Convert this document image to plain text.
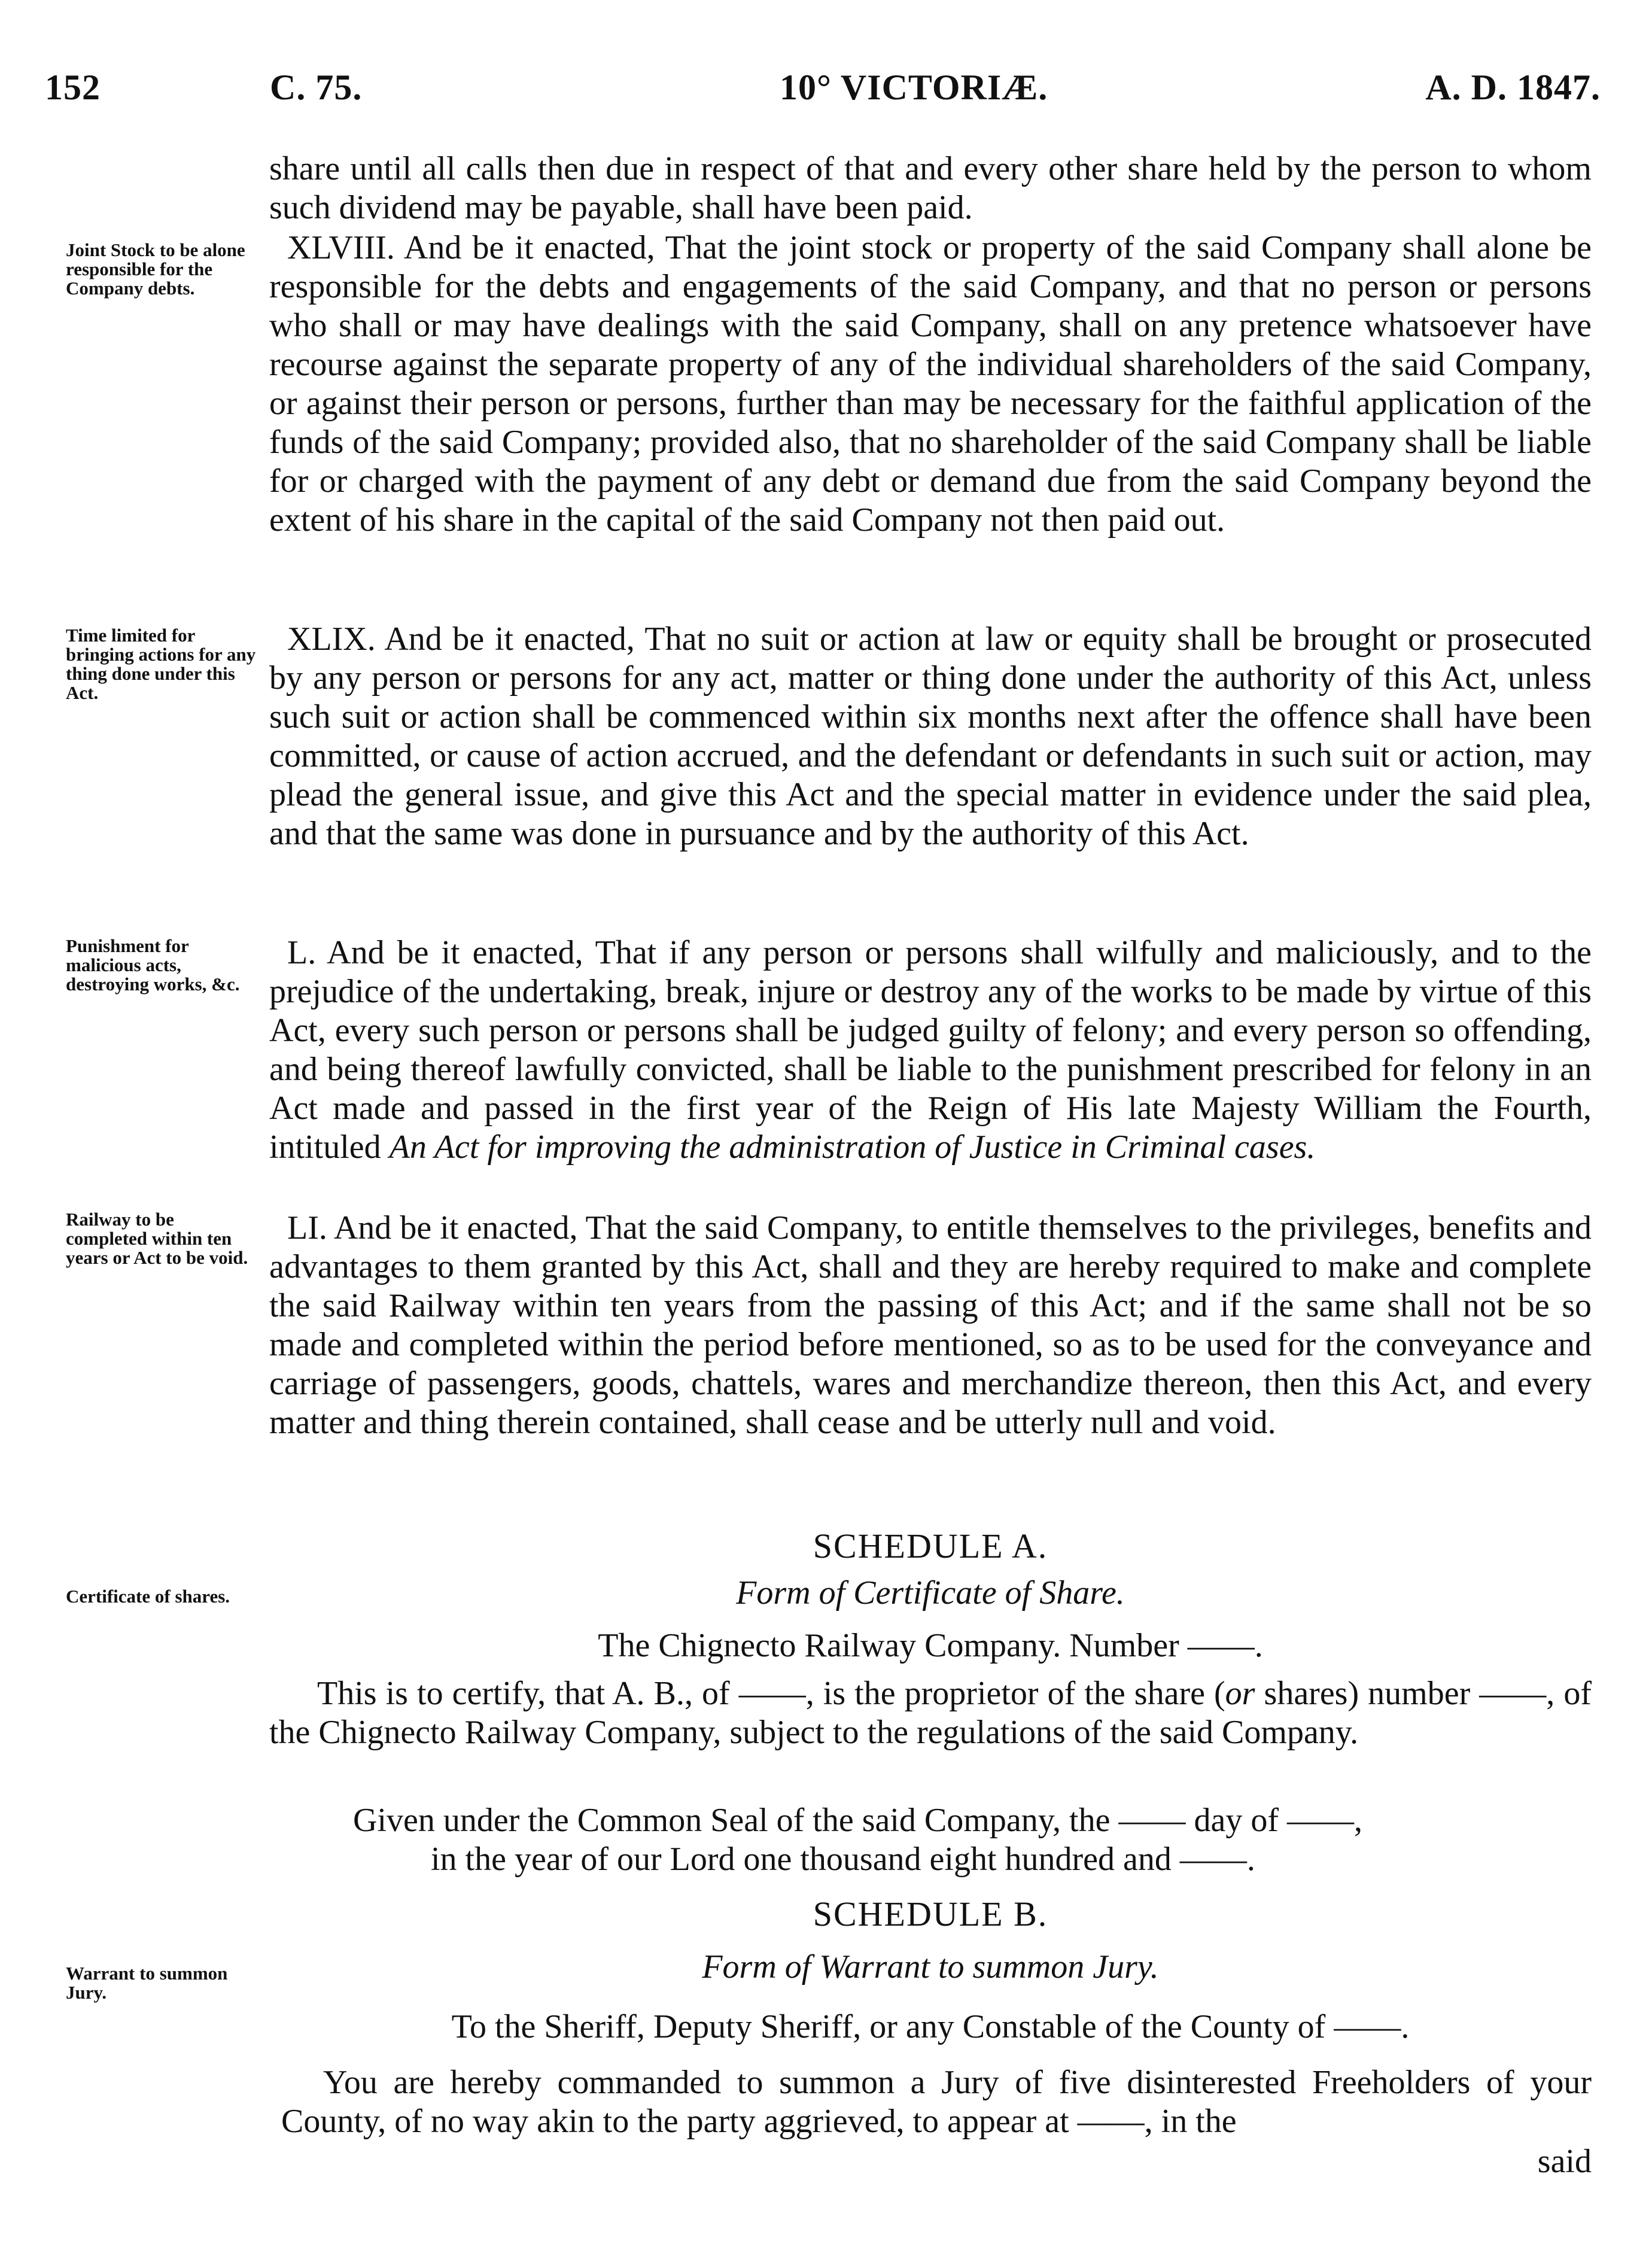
152	C. 75.	10° VICTORIÆ.	A. D. 1847.
Joint Stock to be alone responsible for the Company debts.
Time limited for bringing actions for any thing done under this Act.
Punishment for malicious acts, destroying works, &c.
Railway to be completed within ten years or Act to be void.
Certificate of shares.
Warrant to summon Jury.

share until all calls then due in respect of that and every other share held by the person to whom such dividend may be payable, shall have been paid.

XLVIII. And be it enacted, That the joint stock or property of the said Company shall alone be responsible for the debts and engagements of the said Company, and that no person or persons who shall or may have dealings with the said Company, shall on any pretence whatsoever have recourse against the separate property of any of the individual shareholders of the said Company, or against their person or persons, further than may be necessary for the faithful application of the funds of the said Company; provided also, that no shareholder of the said Company shall be liable for or charged with the payment of any debt or demand due from the said Company beyond the extent of his share in the capital of the said Company not then paid out.

XLIX. And be it enacted, That no suit or action at law or equity shall be brought or prosecuted by any person or persons for any act, matter or thing done under the authority of this Act, unless such suit or action shall be commenced within six months next after the offence shall have been committed, or cause of action accrued, and the defendant or defendants in such suit or action, may plead the general issue, and give this Act and the special matter in evidence under the said plea, and that the same was done in pursuance and by the authority of this Act.

L. And be it enacted, That if any person or persons shall wilfully and maliciously, and to the prejudice of the undertaking, break, injure or destroy any of the works to be made by virtue of this Act, every such person or persons shall be judged guilty of felony; and every person so offending, and being thereof lawfully convicted, shall be liable to the punishment prescribed for felony in an Act made and passed in the first year of the Reign of His late Majesty William the Fourth, intituled An Act for improving the administration of Justice in Criminal cases.

LI. And be it enacted, That the said Company, to entitle themselves to the privileges, benefits and advantages to them granted by this Act, shall and they are hereby required to make and complete the said Railway within ten years from the passing of this Act; and if the same shall not be so made and completed within the period before mentioned, so as to be used for the conveyance and carriage of passengers, goods, chattels, wares and merchandize thereon, then this Act, and every matter and thing therein contained, shall cease and be utterly null and void.

SCHEDULE A.
Form of Certificate of Share.
The Chignecto Railway Company. Number ——.
This is to certify, that A. B., of ——, is the proprietor of the share (or shares) number ——, of the Chignecto Railway Company, subject to the regulations of the said Company.
Given under the Common Seal of the said Company, the —— day of ——,
in the year of our Lord one thousand eight hundred and ——.
SCHEDULE B.
Form of Warrant to summon Jury.
To the Sheriff, Deputy Sheriff, or any Constable of the County of ——.
You are hereby commanded to summon a Jury of five disinterested Freeholders of your County, of no way akin to the party aggrieved, to appear at ——, in the
said
